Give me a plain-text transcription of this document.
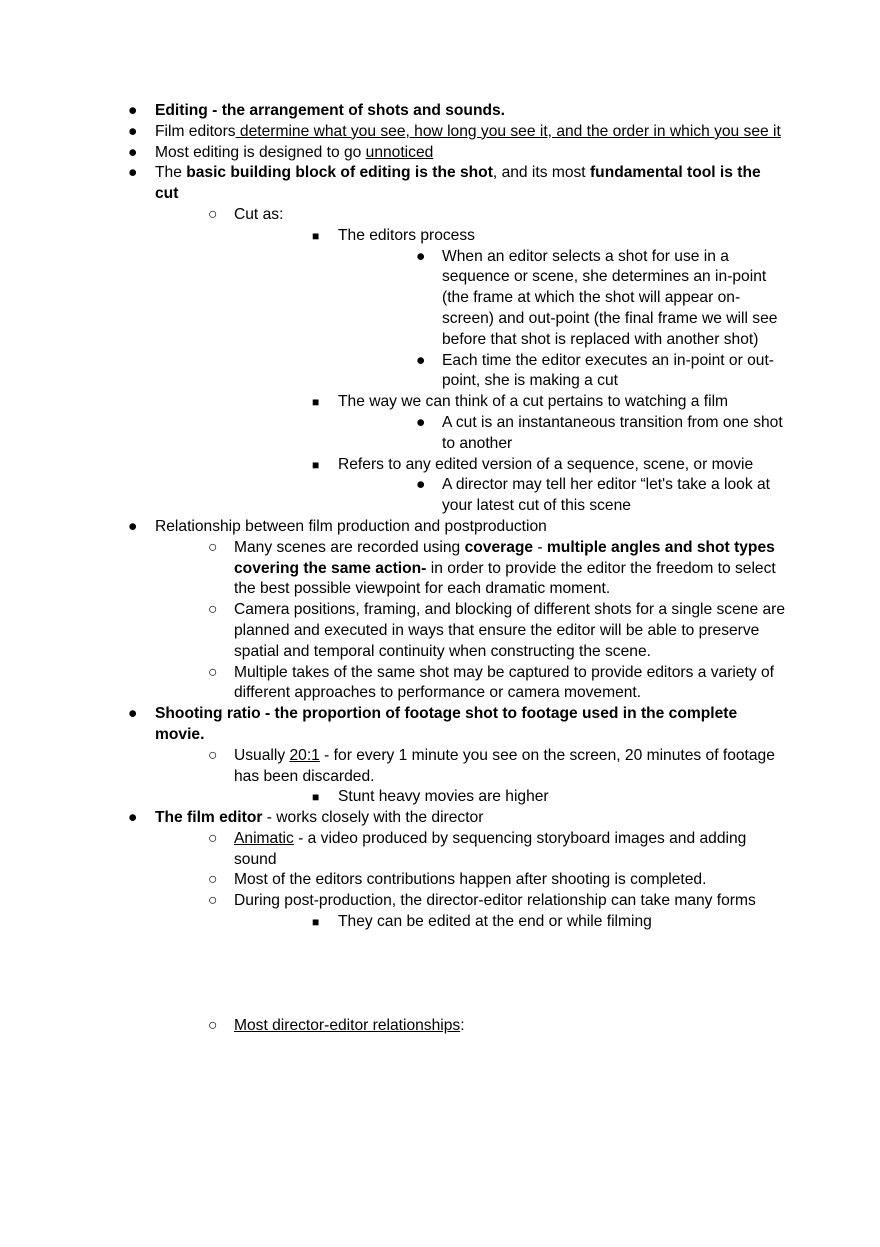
● Editing - the arrangement of shots and sounds.
● Film editors determine what you see, how long you see it, and the order in which you see it
● Most editing is designed to go unnoticed
● The basic building block of editing is the shot, and its most fundamental tool is the cut
○ Cut as:
■ The editors process
● When an editor selects a shot for use in a sequence or scene, she determines an in-point (the frame at which the shot will appear on-screen) and out-point (the final frame we will see before that shot is replaced with another shot)
● Each time the editor executes an in-point or out-point, she is making a cut
■ The way we can think of a cut pertains to watching a film
● A cut is an instantaneous transition from one shot to another
■ Refers to any edited version of a sequence, scene, or movie
● A director may tell her editor “let's take a look at your latest cut of this scene
● Relationship between film production and postproduction
○ Many scenes are recorded using coverage - multiple angles and shot types covering the same action- in order to provide the editor the freedom to select the best possible viewpoint for each dramatic moment.
○ Camera positions, framing, and blocking of different shots for a single scene are planned and executed in ways that ensure the editor will be able to preserve spatial and temporal continuity when constructing the scene.
○ Multiple takes of the same shot may be captured to provide editors a variety of different approaches to performance or camera movement.
● Shooting ratio - the proportion of footage shot to footage used in the complete movie.
○ Usually 20:1 - for every 1 minute you see on the screen, 20 minutes of footage has been discarded.
■ Stunt heavy movies are higher
● The film editor - works closely with the director
○ Animatic - a video produced by sequencing storyboard images and adding sound
○ Most of the editors contributions happen after shooting is completed.
○ During post-production, the director-editor relationship can take many forms
■ They can be edited at the end or while filming
○ Most director-editor relationships:
